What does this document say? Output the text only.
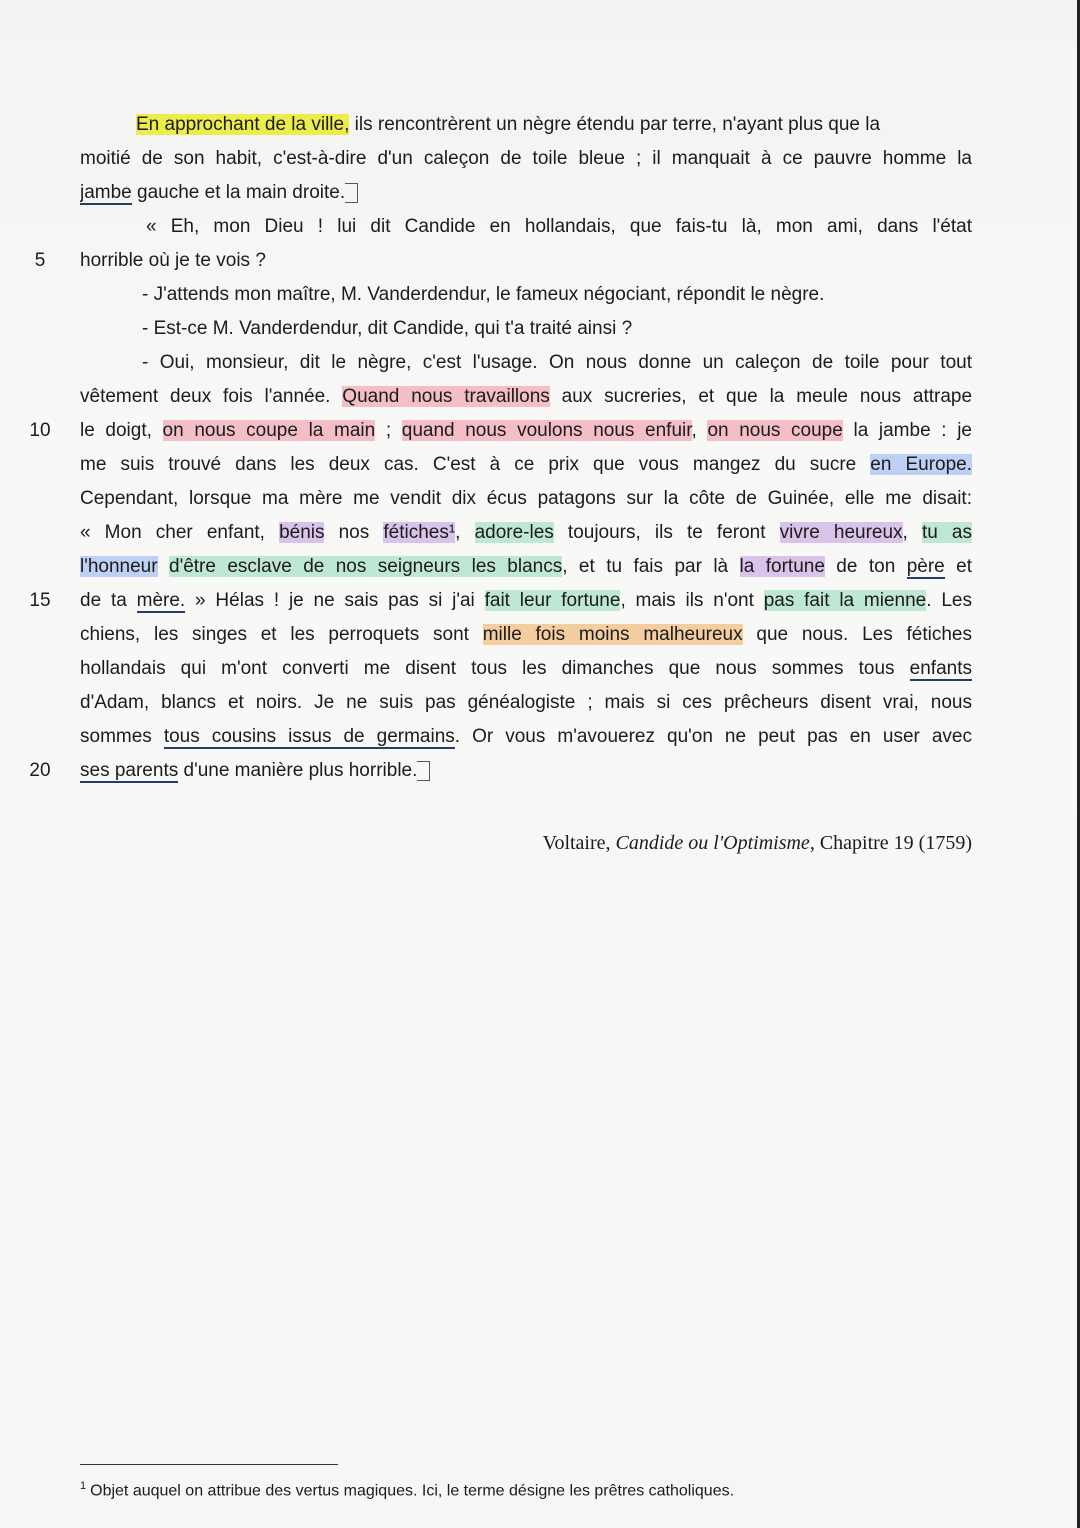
En approchant de la ville, ils rencontrèrent un nègre étendu par terre, n'ayant plus que la
moitié de son habit, c'est-à-dire d'un caleçon de toile bleue ; il manquait à ce pauvre homme la
jambe gauche et la main droite.
« Eh, mon Dieu ! lui dit Candide en hollandais, que fais-tu là, mon ami, dans l'état
horrible où je te vois ?
- J'attends mon maître, M. Vanderdendur, le fameux négociant, répondit le nègre.
- Est-ce M. Vanderdendur, dit Candide, qui t'a traité ainsi ?
- Oui, monsieur, dit le nègre, c'est l'usage. On nous donne un caleçon de toile pour tout
vêtement deux fois l'année. Quand nous travaillons aux sucreries, et que la meule nous attrape
le doigt, on nous coupe la main ; quand nous voulons nous enfuir, on nous coupe la jambe : je
me suis trouvé dans les deux cas. C'est à ce prix que vous mangez du sucre en Europe.
Cependant, lorsque ma mère me vendit dix écus patagons sur la côte de Guinée, elle me disait:
« Mon cher enfant, bénis nos fétiches¹, adore-les toujours, ils te feront vivre heureux, tu as
l'honneur d'être esclave de nos seigneurs les blancs, et tu fais par là la fortune de ton père et
de ta mère. » Hélas ! je ne sais pas si j'ai fait leur fortune, mais ils n'ont pas fait la mienne. Les
chiens, les singes et les perroquets sont mille fois moins malheureux que nous. Les fétiches
hollandais qui m'ont converti me disent tous les dimanches que nous sommes tous enfants
d'Adam, blancs et noirs. Je ne suis pas généalogiste ; mais si ces prêcheurs disent vrai, nous
sommes tous cousins issus de germains. Or vous m'avouerez qu'on ne peut pas en user avec
ses parents d'une manière plus horrible.
5
10
15
20
Voltaire, Candide ou l'Optimisme, Chapitre 19 (1759)
$^1$ Objet auquel on attribue des vertus magiques. Ici, le terme désigne les prêtres catholiques.
